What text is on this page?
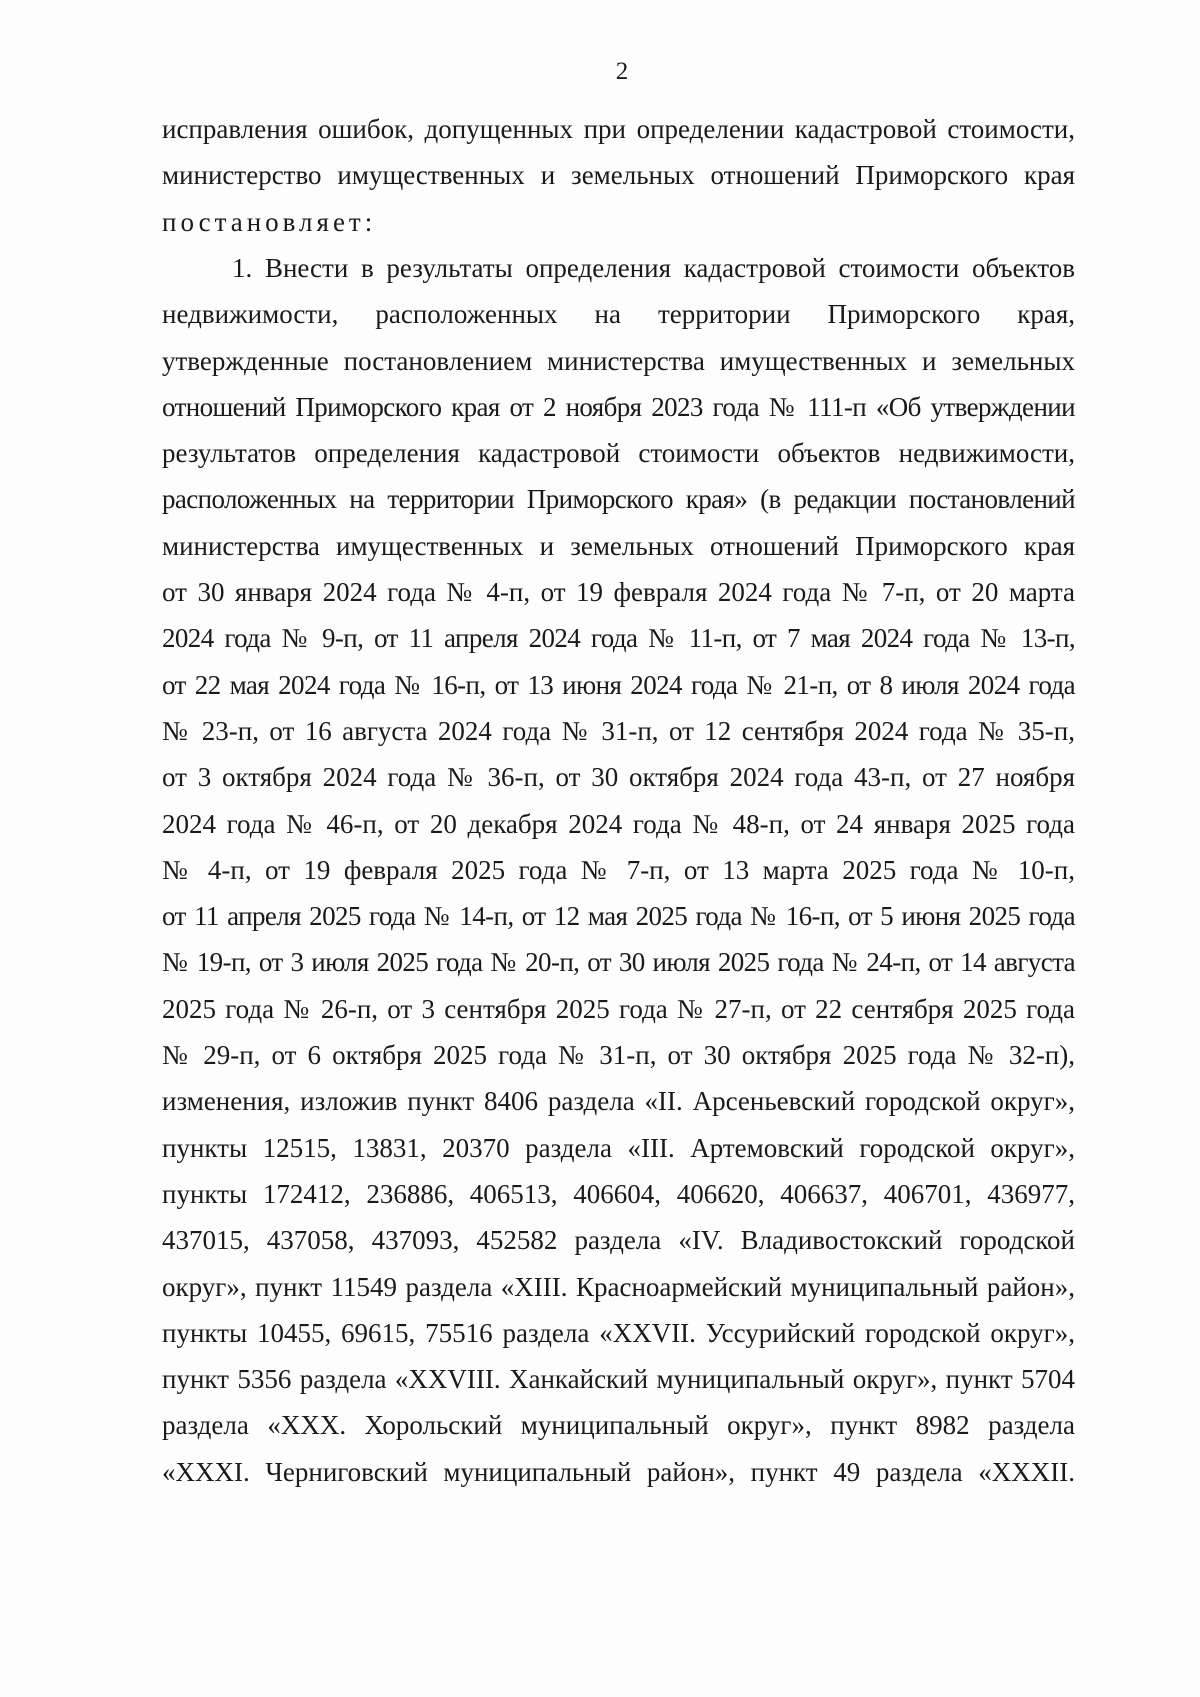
2
исправления ошибок, допущенных при определении кадастровой стоимости,
министерство имущественных и земельных отношений Приморского края
постановляет:
1. Внести в результаты определения кадастровой стоимости объектов
недвижимости, расположенных на территории Приморского края,
утвержденные постановлением министерства имущественных и земельных
отношений Приморского края от 2 ноября 2023 года № 111-п «Об утверждении
результатов определения кадастровой стоимости объектов недвижимости,
расположенных на территории Приморского края» (в редакции постановлений
министерства имущественных и земельных отношений Приморского края
от 30 января 2024 года № 4-п, от 19 февраля 2024 года № 7-п, от 20 марта
2024 года № 9-п, от 11 апреля 2024 года № 11-п, от 7 мая 2024 года № 13-п,
от 22 мая 2024 года № 16-п, от 13 июня 2024 года № 21-п, от 8 июля 2024 года
№ 23-п, от 16 августа 2024 года № 31-п, от 12 сентября 2024 года № 35-п,
от 3 октября 2024 года № 36-п, от 30 октября 2024 года 43-п, от 27 ноября
2024 года № 46-п, от 20 декабря 2024 года № 48-п, от 24 января 2025 года
№ 4-п, от 19 февраля 2025 года № 7-п, от 13 марта 2025 года № 10-п,
от 11 апреля 2025 года № 14-п, от 12 мая 2025 года № 16-п, от 5 июня 2025 года
№ 19-п, от 3 июля 2025 года № 20-п, от 30 июля 2025 года № 24-п, от 14 августа
2025 года № 26-п, от 3 сентября 2025 года № 27-п, от 22 сентября 2025 года
№ 29-п, от 6 октября 2025 года № 31-п, от 30 октября 2025 года № 32-п),
изменения, изложив пункт 8406 раздела «II. Арсеньевский городской округ»,
пункты 12515, 13831, 20370 раздела «III. Артемовский городской округ»,
пункты 172412, 236886, 406513, 406604, 406620, 406637, 406701, 436977,
437015, 437058, 437093, 452582 раздела «IV. Владивостокский городской
округ», пункт 11549 раздела «XIII. Красноармейский муниципальный район»,
пункты 10455, 69615, 75516 раздела «XXVII. Уссурийский городской округ»,
пункт 5356 раздела «XXVIII. Ханкайский муниципальный округ», пункт 5704
раздела «XXX. Хорольский муниципальный округ», пункт 8982 раздела
«XXXI. Черниговский муниципальный район», пункт 49 раздела «XXXII.
